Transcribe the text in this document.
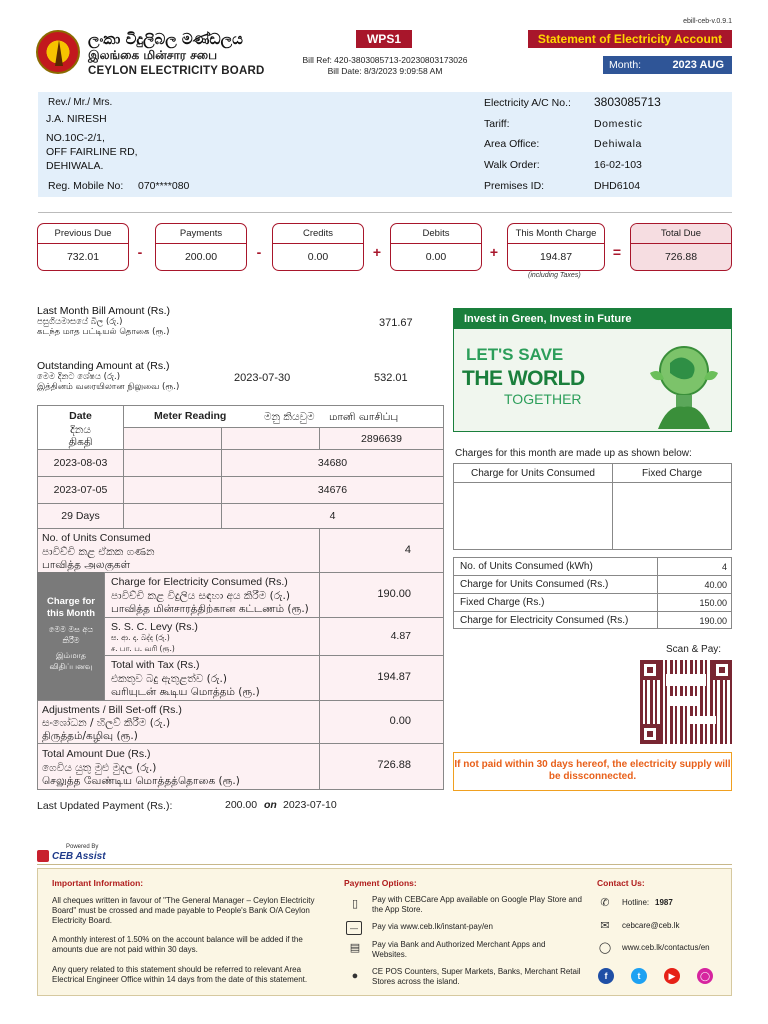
ලංකා විදුලිබල මණ්ඩලය
இலங்கை மின்சார சபை
CEYLON ELECTRICITY BOARD
WPS1
Bill Ref: 420-3803085713-20230803173026
Bill Date: 8/3/2023 9:09:58 AM
ebill-ceb-v.0.9.1
Statement of Electricity Account
Month:	2023 AUG
Rev./ Mr./ Mrs.
J.A. NIRESH
NO.10C-2/1,
OFF FAIRLINE RD,
DEHIWALA.
Reg. Mobile No: 070****080
Electricity A/C No.: 3803085713
Tariff:	Domestic
Area Office:	Dehiwala
Walk Order:	16-02-103
Premises ID:	DHD6104
Previous Due
732.01	-
Payments
200.00	-
Credits
0.00	+
Debits
0.00	+
This Month Charge
194.87	=
Total Due
726.88
(including Taxes)
Last Month Bill Amount (Rs.)
පසුගියමාසයේ බිල (රු.)
கடந்த மாத பட்டியல் தொகை (ரூ.)
371.67
Outstanding Amount at (Rs.)
මෙම දිනට ශේෂය (රු.)
இத்தினம் வரையிலான நிலுவை (ரூ.)
2023-07-30	532.01
Date
දිනය
திகதி
Meter Reading	මනු කියවුම மானி வாசிப்பு
2896639
2023-08-03	34680
2023-07-05	34676
29 Days	4
No. of Units Consumed
පාවිච්චි කළ ඒකක ගණන
பாவித்த அலகுகள்
4
Charge for this Month
මෙම මස අය කිරීම
இம்மாத விதிப்பனவு
Charge for Electricity Consumed (Rs.)
පාවිච්චි කළ විදුලිය සඳහා අය කිරීම (රු.)
பாவித்த மின்சாரத்திற்கான கட்டணம் (ரூ.)
190.00
S. S. C. Levy (Rs.)
ස. ආ. දා. බද්ද (රු.)
ச. பா. ப. வரி (ரூ.)
4.87
Total with Tax (Rs.)
එකතුව බදු ඇතුළත්ව (රු.)
வரியுடன் கூடிய மொத்தம் (ரூ.)
194.87
Adjustments / Bill Set-off (Rs.)
සංශෝධන / හිලව් කිරීම (රු.)
திருத்தம்/கழிவு (ரூ.)
0.00
Total Amount Due (Rs.)
ගෙවිය යුතු මුළු මුදල (රු.)
செலுத்த வேண்டிய மொத்தத்தொகை (ரூ.)
726.88
Last Updated Payment (Rs.):	200.00 on 2023-07-10
Invest in Green, Invest in Future
LET'S SAVE
THE WORLD
TOGETHER
Charges for this month are made up as shown below:
Charge for Units Consumed	Fixed Charge
No. of Units Consumed (kWh)	4
Charge for Units Consumed (Rs.)	40.00
Fixed Charge (Rs.)	150.00
Charge for Electricity Consumed (Rs.)	190.00
Scan & Pay:
If not paid within 30 days hereof, the electricity supply will be dissconnected.
Powered By
CEB Assist
Important Information:
All cheques written in favour of "The General Manager – Ceylon Electricity Board" must be crossed and made payable to People's Bank O/A Ceylon Electricity Board.
A monthly interest of 1.50% on the account balance will be added if the amounts due are not paid within 30 days.
Any query related to this statement should be referred to relevant Area Electrical Engineer Office within 14 days from the date of this statement.
Payment Options:
▯	Pay with CEBCare App available on Google Play Store and the App Store.
—	Pay via www.ceb.lk/instant-pay/en
▤	Pay via Bank and Authorized Merchant Apps and Websites.
●	CE POS Counters, Super Markets, Banks, Merchant Retail Stores across the island.
Contact Us:
✆ Hotline: 1987
✉ cebcare@ceb.lk
◯ www.ceb.lk/contactus/en
f	t	▶	◯
